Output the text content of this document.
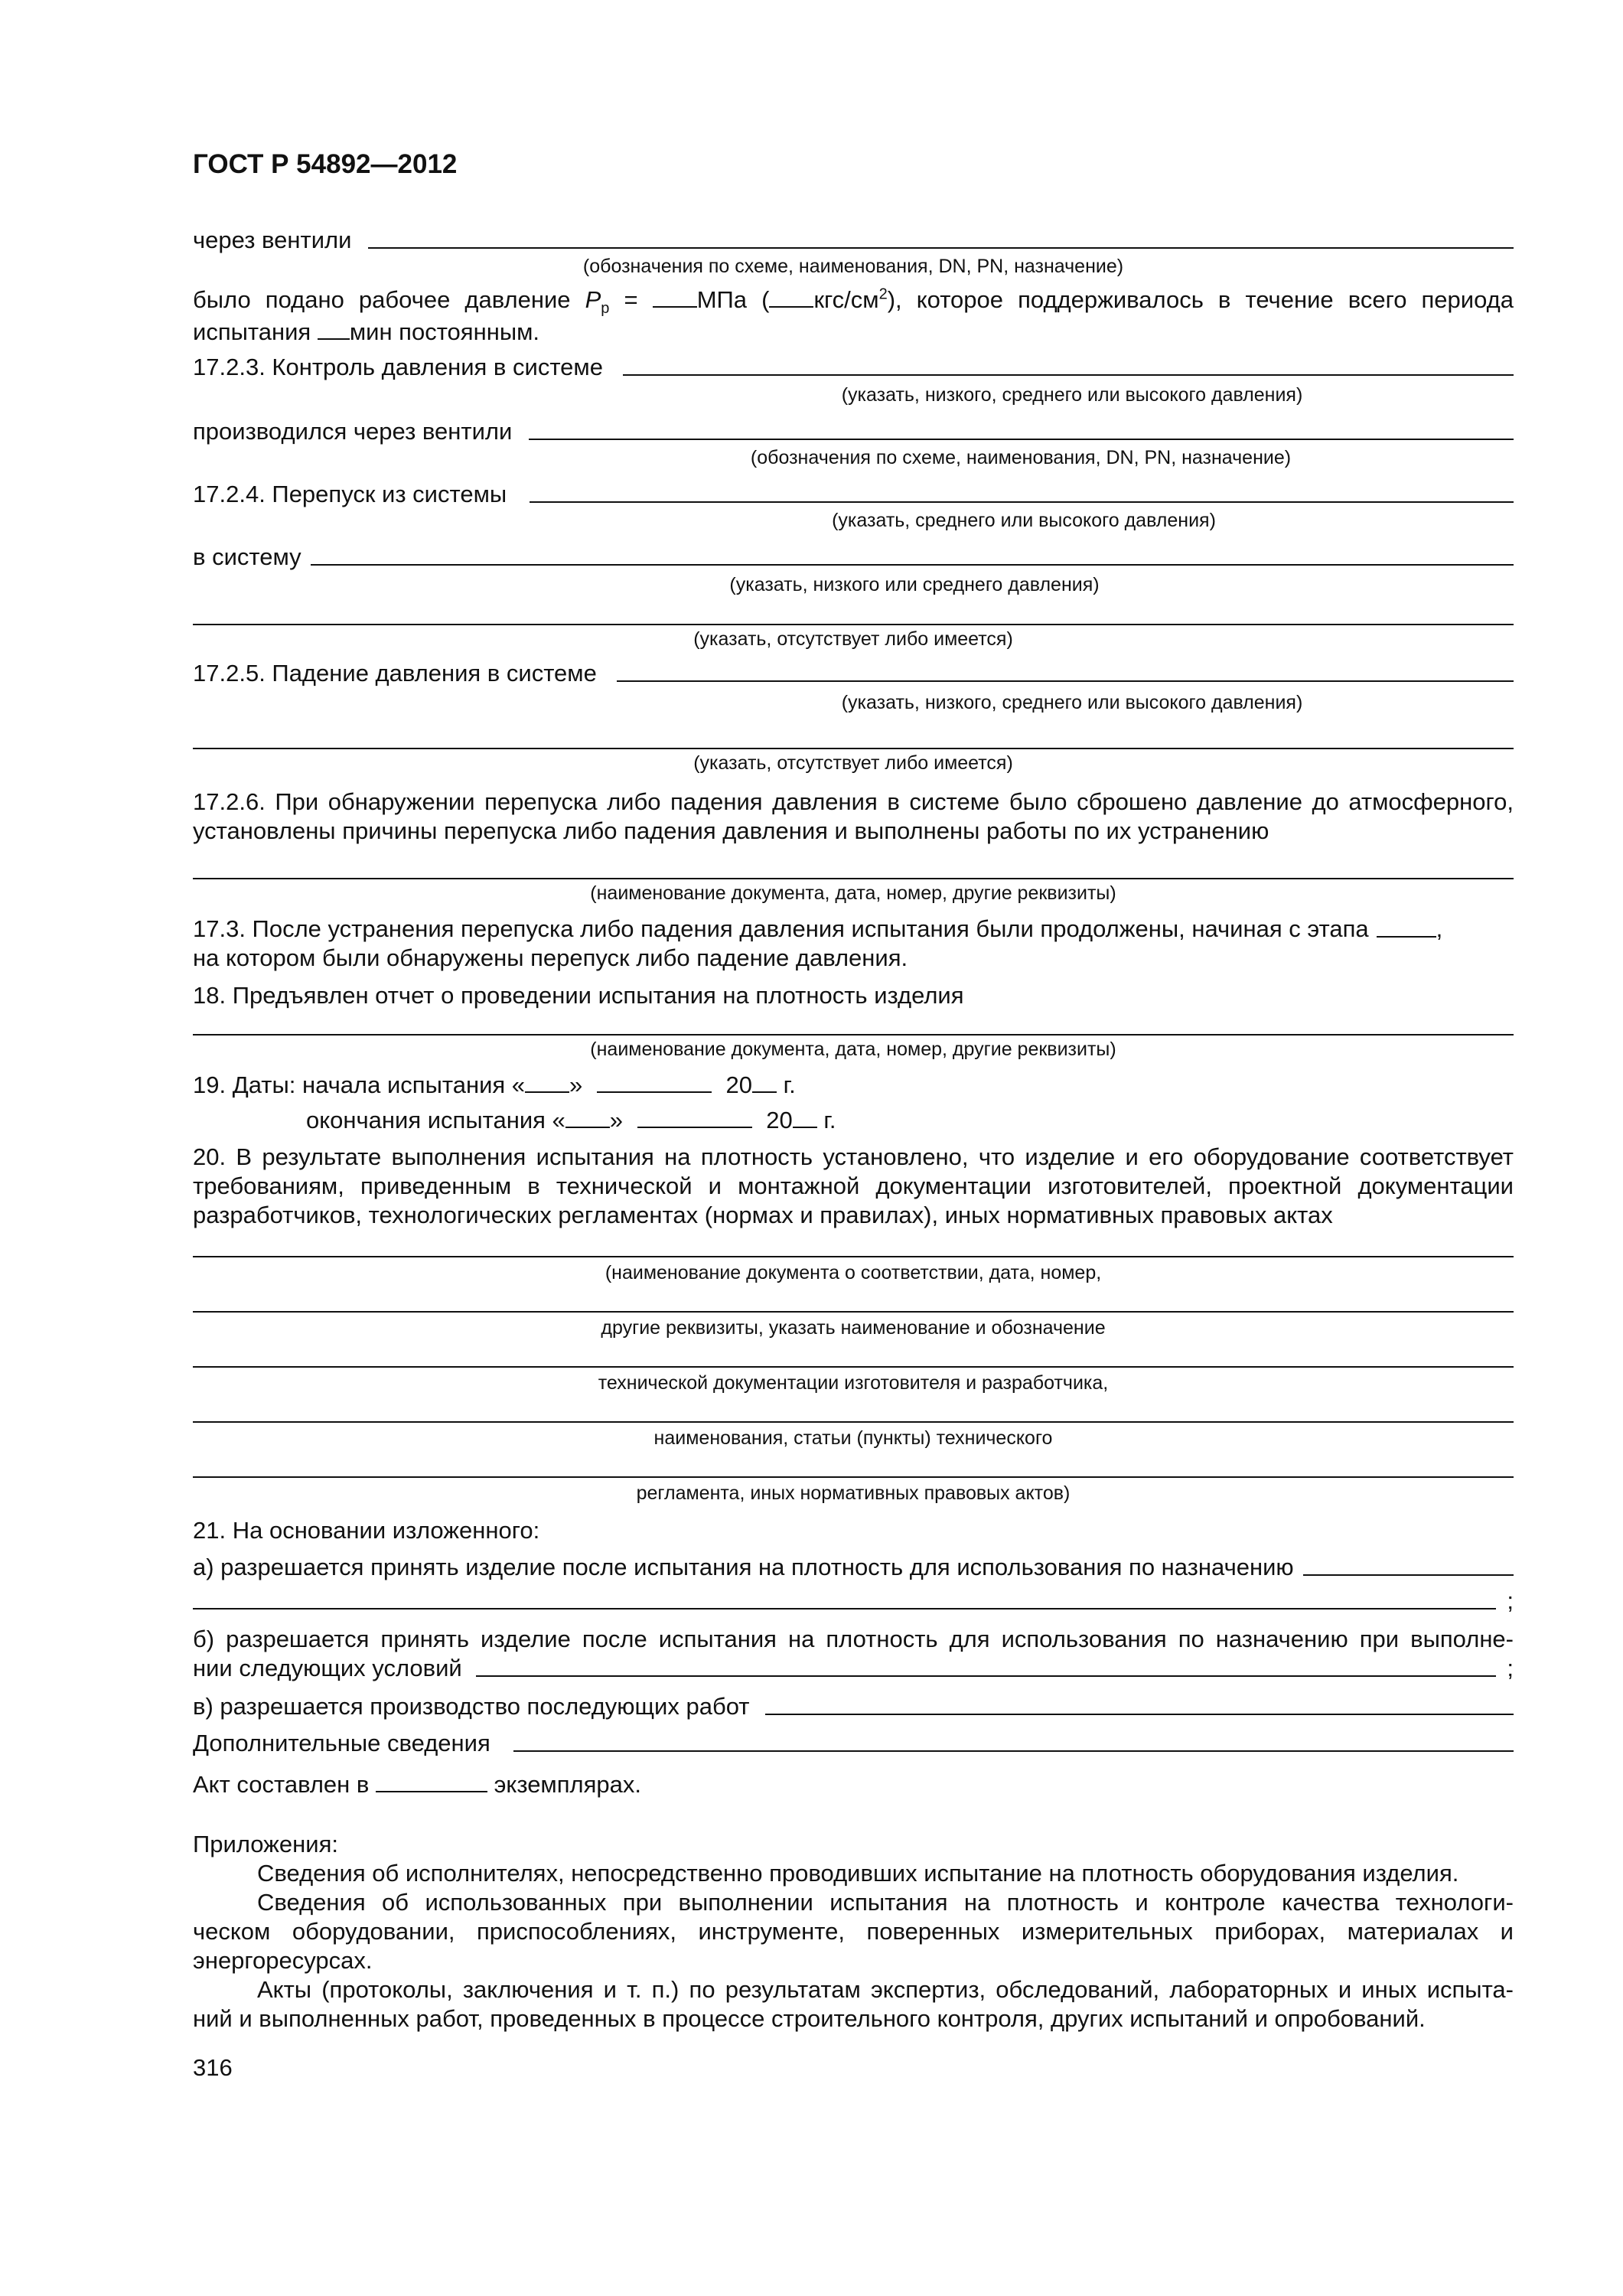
ГОСТ Р 54892—2012
через вентили
(обозначения по схеме, наименования, DN, PN, назначение)
было подано рабочее давление $P_р$ = МПа ( кгс/$см^2$), которое поддерживалось в течение всего периода
испытания мин постоянным.
17.2.3. Контроль давления в системе
(указать, низкого, среднего или высокого давления)
производился через вентили
(обозначения по схеме, наименования, DN, PN, назначение)
17.2.4. Перепуск из системы
(указать, среднего или высокого давления)
в систему
(указать, низкого или среднего давления)
(указать, отсутствует либо имеется)
17.2.5. Падение давления в системе
(указать, низкого, среднего или высокого давления)
(указать, отсутствует либо имеется)
17.2.6. При обнаружении перепуска либо падения давления в системе было сброшено давление до атмосферного,
установлены причины перепуска либо падения давления и выполнены работы по их устранению
(наименование документа, дата, номер, другие реквизиты)
17.3. После устранения перепуска либо падения давления испытания были продолжены, начиная с этапа	,
на котором были обнаружены перепуск либо падение давления.
18. Предъявлен отчет о проведении испытания на плотность изделия
(наименование документа, дата, номер, другие реквизиты)
19. Даты: начала испытания « »	20 г.
окончания испытания « »	20 г.
20. В результате выполнения испытания на плотность установлено, что изделие и его оборудование соответствует
требованиям, приведенным в технической и монтажной документации изготовителей, проектной документации
разработчиков, технологических регламентах (нормах и правилах), иных нормативных правовых актах
(наименование документа о соответствии, дата, номер,
другие реквизиты, указать наименование и обозначение
технической документации изготовителя и разработчика,
наименования, статьи (пункты) технического
регламента, иных нормативных правовых актов)
21. На основании изложенного:
а) разрешается принять изделие после испытания на плотность для использования по назначению
;
б) разрешается принять изделие после испытания на плотность для использования по назначению при выполне-
нии следующих условий	;
в) разрешается производство последующих работ
Дополнительные сведения
Акт составлен в	экземплярах.
Приложения:
Сведения об исполнителях, непосредственно проводивших испытание на плотность оборудования изделия.
Сведения об использованных при выполнении испытания на плотность и контроле качества технологи-
ческом оборудовании, приспособлениях, инструменте, поверенных измерительных приборах, материалах и
энергоресурсах.
Акты (протоколы, заключения и т. п.) по результатам экспертиз, обследований, лабораторных и иных испыта-
ний и выполненных работ, проведенных в процессе строительного контроля, других испытаний и опробований.
316
